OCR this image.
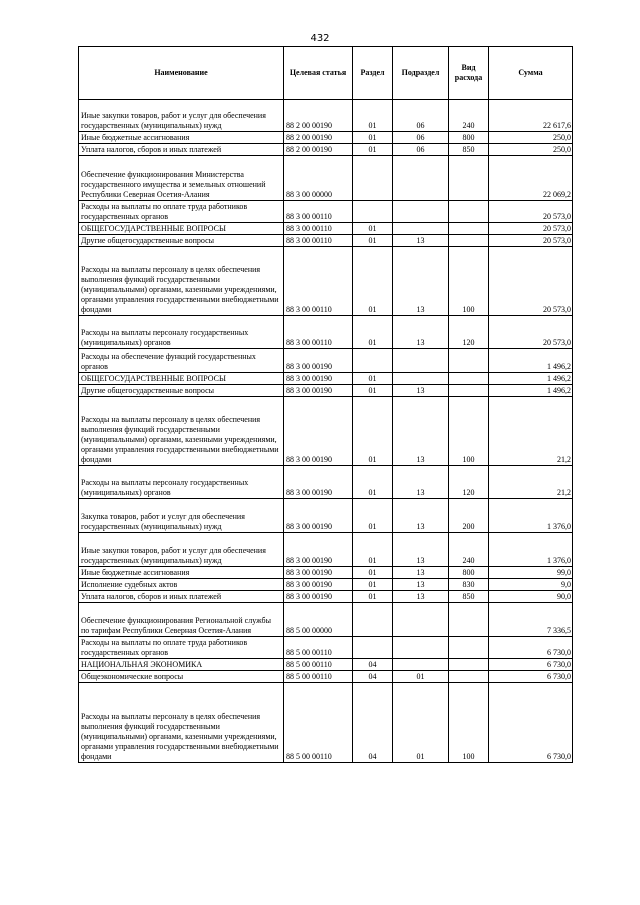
432
Наименование	Целевая статья	Раздел	Подраздел	Вид расхода	Сумма
Иные закупки товаров, работ и услуг для обеспечения государственных (муниципальных) нужд	88 2 00 00190	01	06	240	22 617,6
Иные бюджетные ассигнования	88 2 00 00190	01	06	800	250,0
Уплата налогов, сборов и иных платежей	88 2 00 00190	01	06	850	250,0
Обеспечение функционирования Министерства государственного имущества и земельных отношений Республики Северная Осетия-Алания	88 3 00 00000				22 069,2
Расходы на выплаты по оплате труда работников государственных органов	88 3 00 00110				20 573,0
ОБЩЕГОСУДАРСТВЕННЫЕ ВОПРОСЫ	88 3 00 00110	01			20 573,0
Другие общегосударственные вопросы	88 3 00 00110	01	13		20 573,0
Расходы на выплаты персоналу в целях обеспечения выполнения функций государственными (муниципальными) органами, казенными учреждениями, органами управления государственными внебюджетными фондами	88 3 00 00110	01	13	100	20 573,0
Расходы на выплаты персоналу государственных (муниципальных) органов	88 3 00 00110	01	13	120	20 573,0
Расходы на обеспечение функций государственных органов	88 3 00 00190				1 496,2
ОБЩЕГОСУДАРСТВЕННЫЕ ВОПРОСЫ	88 3 00 00190	01			1 496,2
Другие общегосударственные вопросы	88 3 00 00190	01	13		1 496,2
Расходы на выплаты персоналу в целях обеспечения выполнения функций государственными (муниципальными) органами, казенными учреждениями, органами управления государственными внебюджетными фондами	88 3 00 00190	01	13	100	21,2
Расходы на выплаты персоналу государственных (муниципальных) органов	88 3 00 00190	01	13	120	21,2
Закупка товаров, работ и услуг для обеспечения государственных (муниципальных) нужд	88 3 00 00190	01	13	200	1 376,0
Иные закупки товаров, работ и услуг для обеспечения государственных (муниципальных) нужд	88 3 00 00190	01	13	240	1 376,0
Иные бюджетные ассигнования	88 3 00 00190	01	13	800	99,0
Исполнение судебных актов	88 3 00 00190	01	13	830	9,0
Уплата налогов, сборов и иных платежей	88 3 00 00190	01	13	850	90,0
Обеспечение функционирования Региональной службы по тарифам Республики Северная Осетия-Алания	88 5 00 00000				7 336,5
Расходы на выплаты по оплате труда работников государственных органов	88 5 00 00110				6 730,0
НАЦИОНАЛЬНАЯ ЭКОНОМИКА	88 5 00 00110	04			6 730,0
Общеэкономические вопросы	88 5 00 00110	04	01		6 730,0
Расходы на выплаты персоналу в целях обеспечения выполнения функций государственными (муниципальными) органами, казенными учреждениями, органами управления государственными внебюджетными фондами	88 5 00 00110	04	01	100	6 730,0
